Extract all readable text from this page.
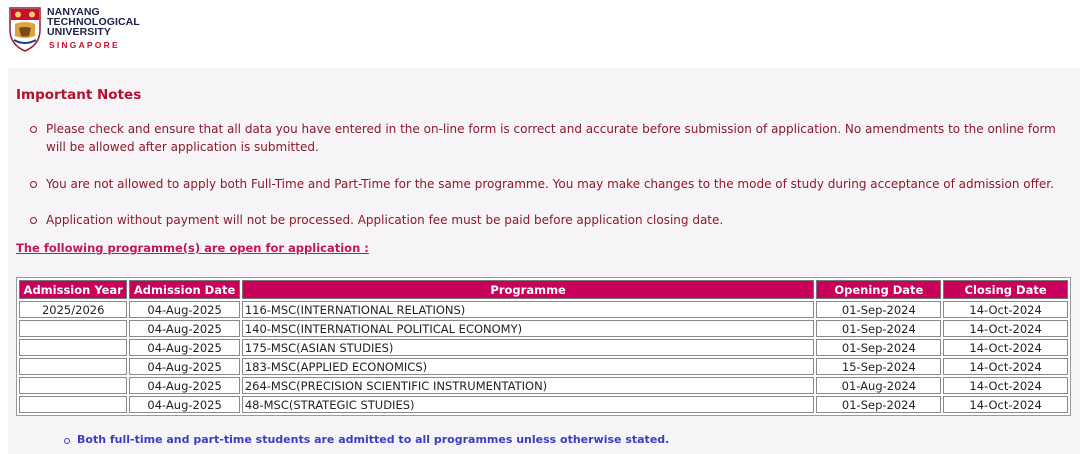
NANYANG
TECHNOLOGICAL
UNIVERSITY
SINGAPORE
Important Notes
Please check and ensure that all data you have entered in the on-line form is correct and accurate before submission of application. No amendments to the online form will be allowed after application is submitted.
You are not allowed to apply both Full-Time and Part-Time for the same programme. You may make changes to the mode of study during acceptance of admission offer.
Application without payment will not be processed. Application fee must be paid before application closing date.
The following programme(s) are open for application :
Admission Year	Admission Date	Programme	Opening Date	Closing Date
2025/2026	04-Aug-2025	116-MSC(INTERNATIONAL RELATIONS)	01-Sep-2024	14-Oct-2024
	04-Aug-2025	140-MSC(INTERNATIONAL POLITICAL ECONOMY)	01-Sep-2024	14-Oct-2024
	04-Aug-2025	175-MSC(ASIAN STUDIES)	01-Sep-2024	14-Oct-2024
	04-Aug-2025	183-MSC(APPLIED ECONOMICS)	15-Sep-2024	14-Oct-2024
	04-Aug-2025	264-MSC(PRECISION SCIENTIFIC INSTRUMENTATION)	01-Aug-2024	14-Oct-2024
	04-Aug-2025	48-MSC(STRATEGIC STUDIES)	01-Sep-2024	14-Oct-2024
Both full-time and part-time students are admitted to all programmes unless otherwise stated.
